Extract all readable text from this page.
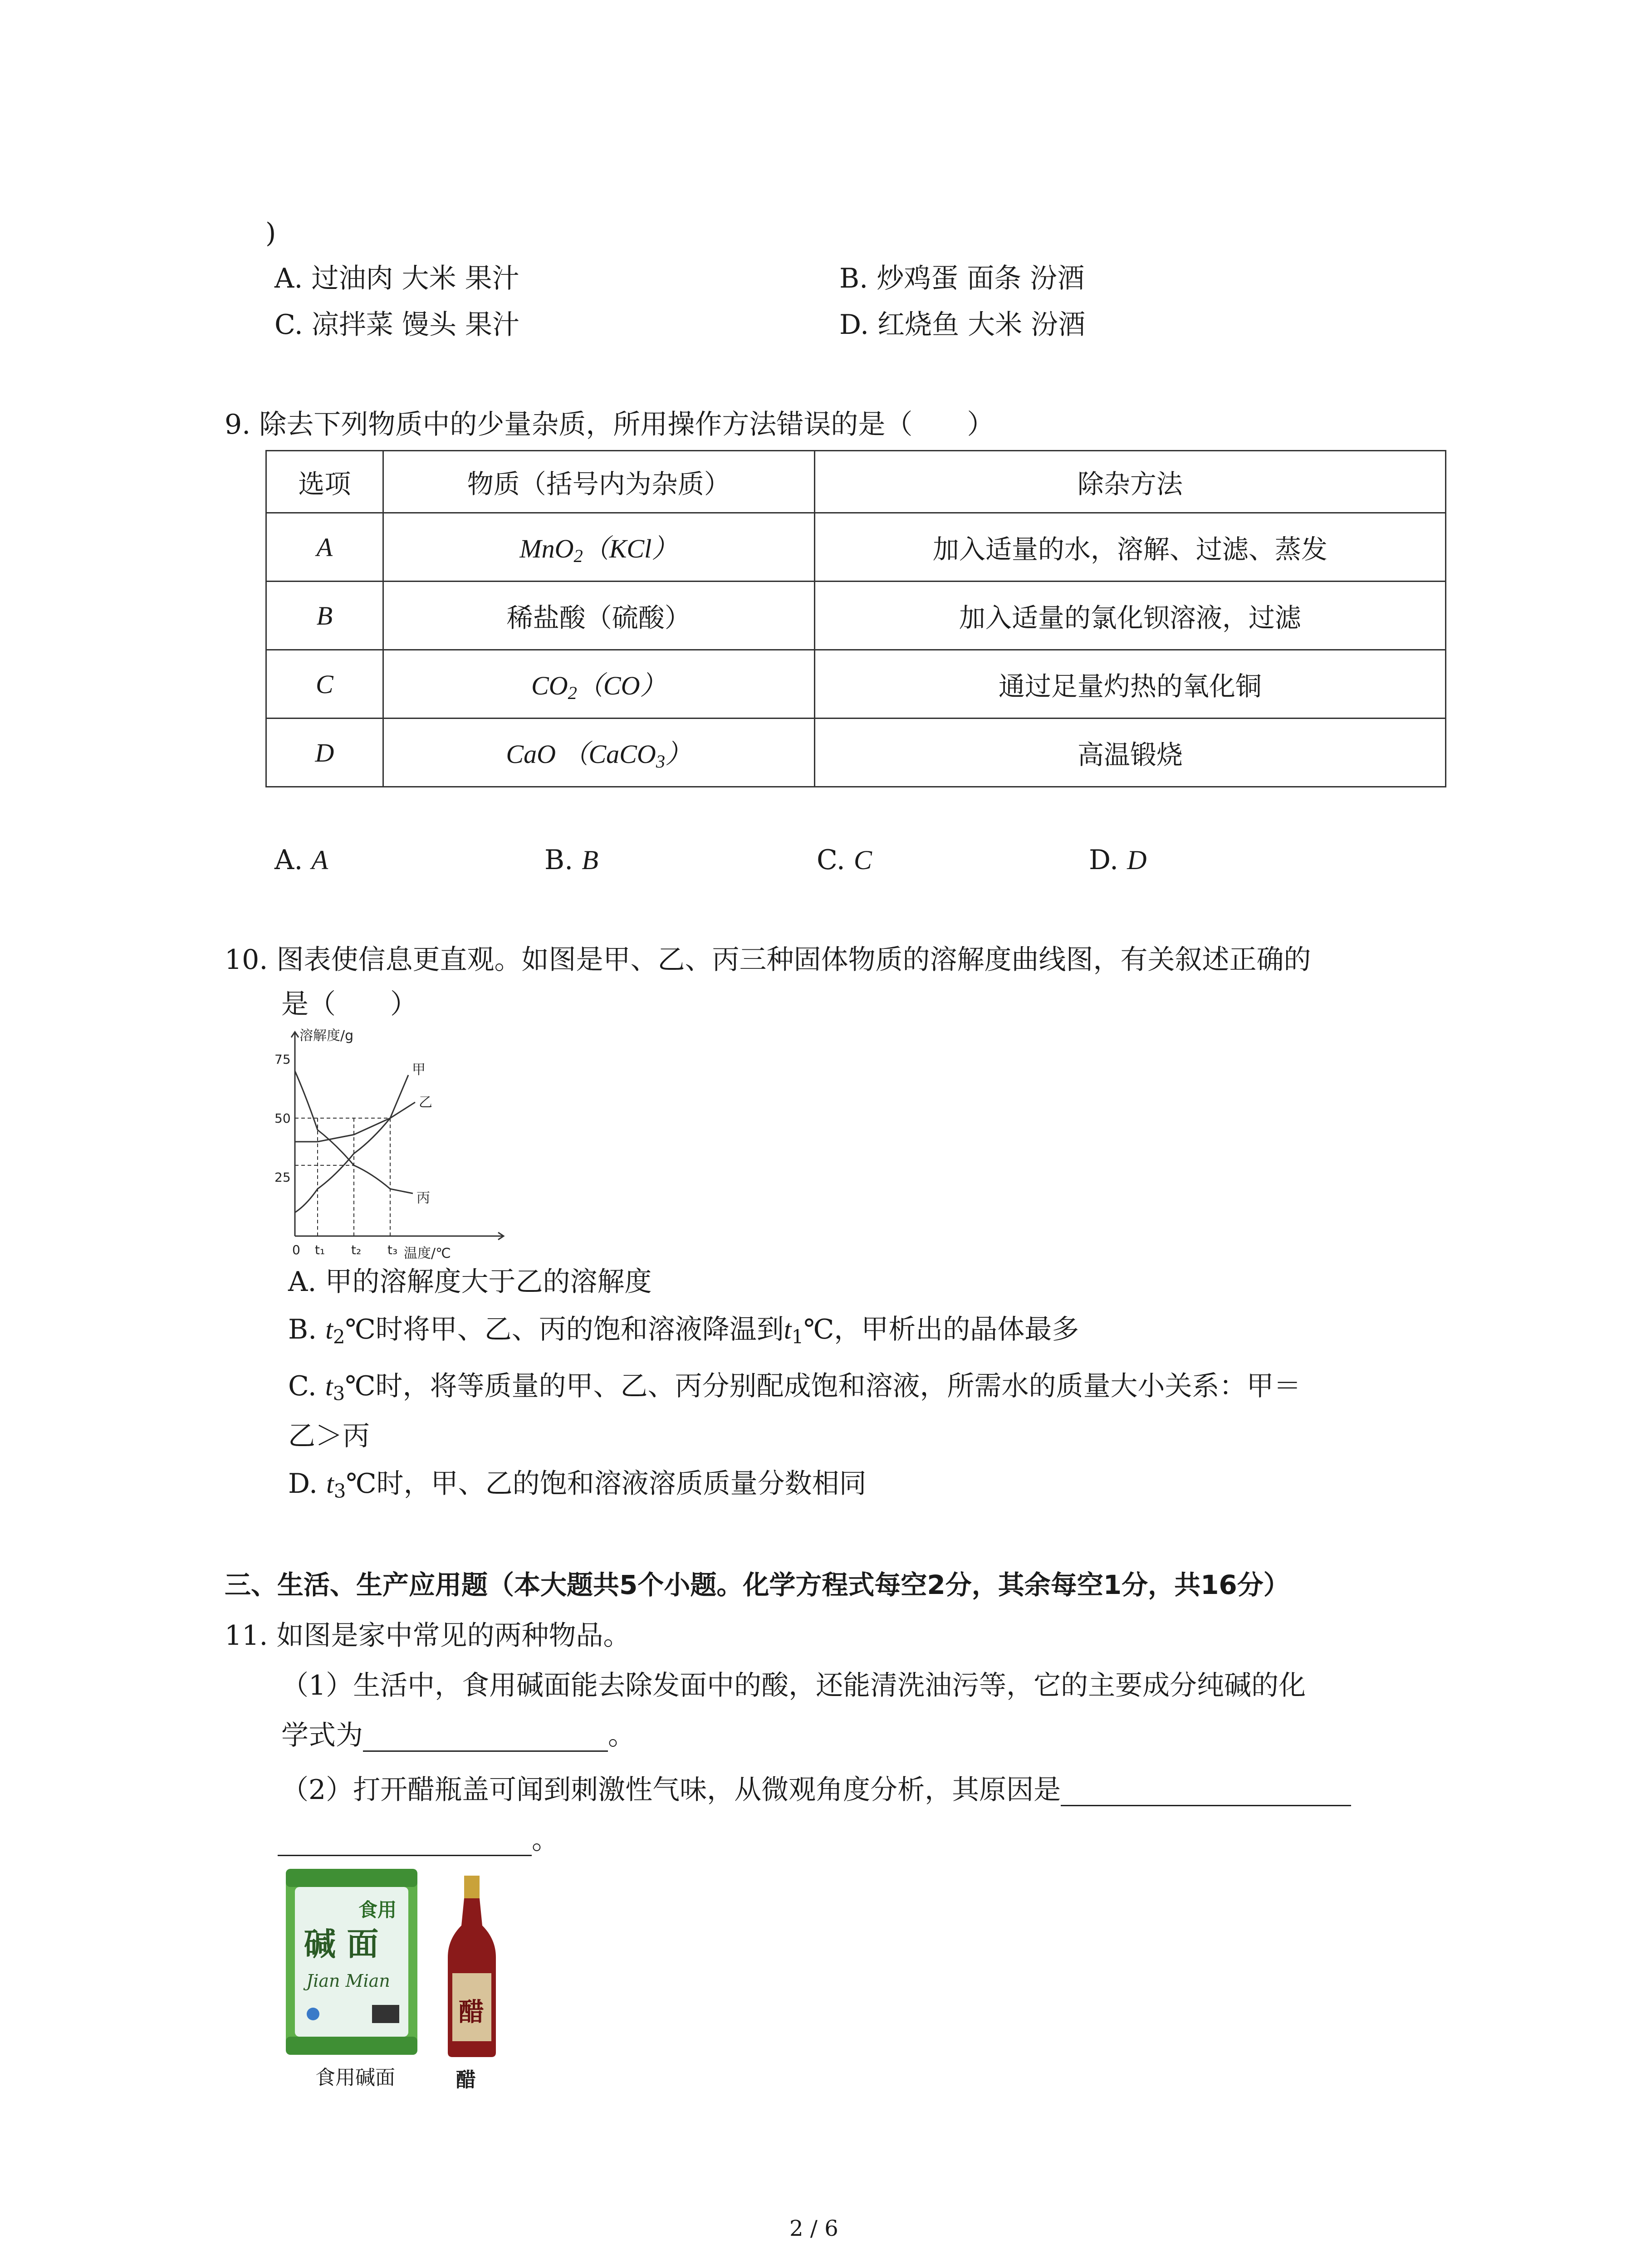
)
A. 过油肉 大米 果汁	B. 炒鸡蛋 面条 汾酒
C. 凉拌菜 馒头 果汁	D. 红烧鱼 大米 汾酒
9. 除去下列物质中的少量杂质，所用操作方法错误的是（　　）
选项	物质（括号内为杂质）	除杂方法
A	MnO$_2$（KCl）	加入适量的水，溶解、过滤、蒸发
B	稀盐酸（硫酸）	加入适量的氯化钡溶液，过滤
C	$CO_2(CO)$	通过足量灼热的氧化铜
D	CaO （CaCO$_3$）	高温锻烧
A. A	B. B	C. C	D. D
10. 图表使信息更直观。如图是甲、乙、丙三种固体物质的溶解度曲线图，有关叙述正确的
是（　　）
溶解度/g
温度/℃
75
50
25
0 t₁ t₂ t₃
甲
乙
丙
A. 甲的溶解度大于乙的溶解度
B. $t_2℃$时将甲、乙、丙的饱和溶液降温到$t_1℃$，甲析出的晶体最多
C. $t_3℃$时，将等质量的甲、乙、丙分别配成饱和溶液，所需水的质量大小关系：甲＝
乙＞丙
D. $t_3℃$时，甲、乙的饱和溶液溶质质量分数相同
三、生活、生产应用题（本大题共5个小题。化学方程式每空2分，其余每空1分，共16分）
11. 如图是家中常见的两种物品。
（1）生活中，食用碱面能去除发面中的酸，还能清洗油污等，它的主要成分纯碱的化
学式为	。
（2）打开醋瓶盖可闻到刺激性气味，从微观角度分析，其原因是
。
食用
碱 面
Jian Mian
醋
食用碱面	醋
2 / 6
